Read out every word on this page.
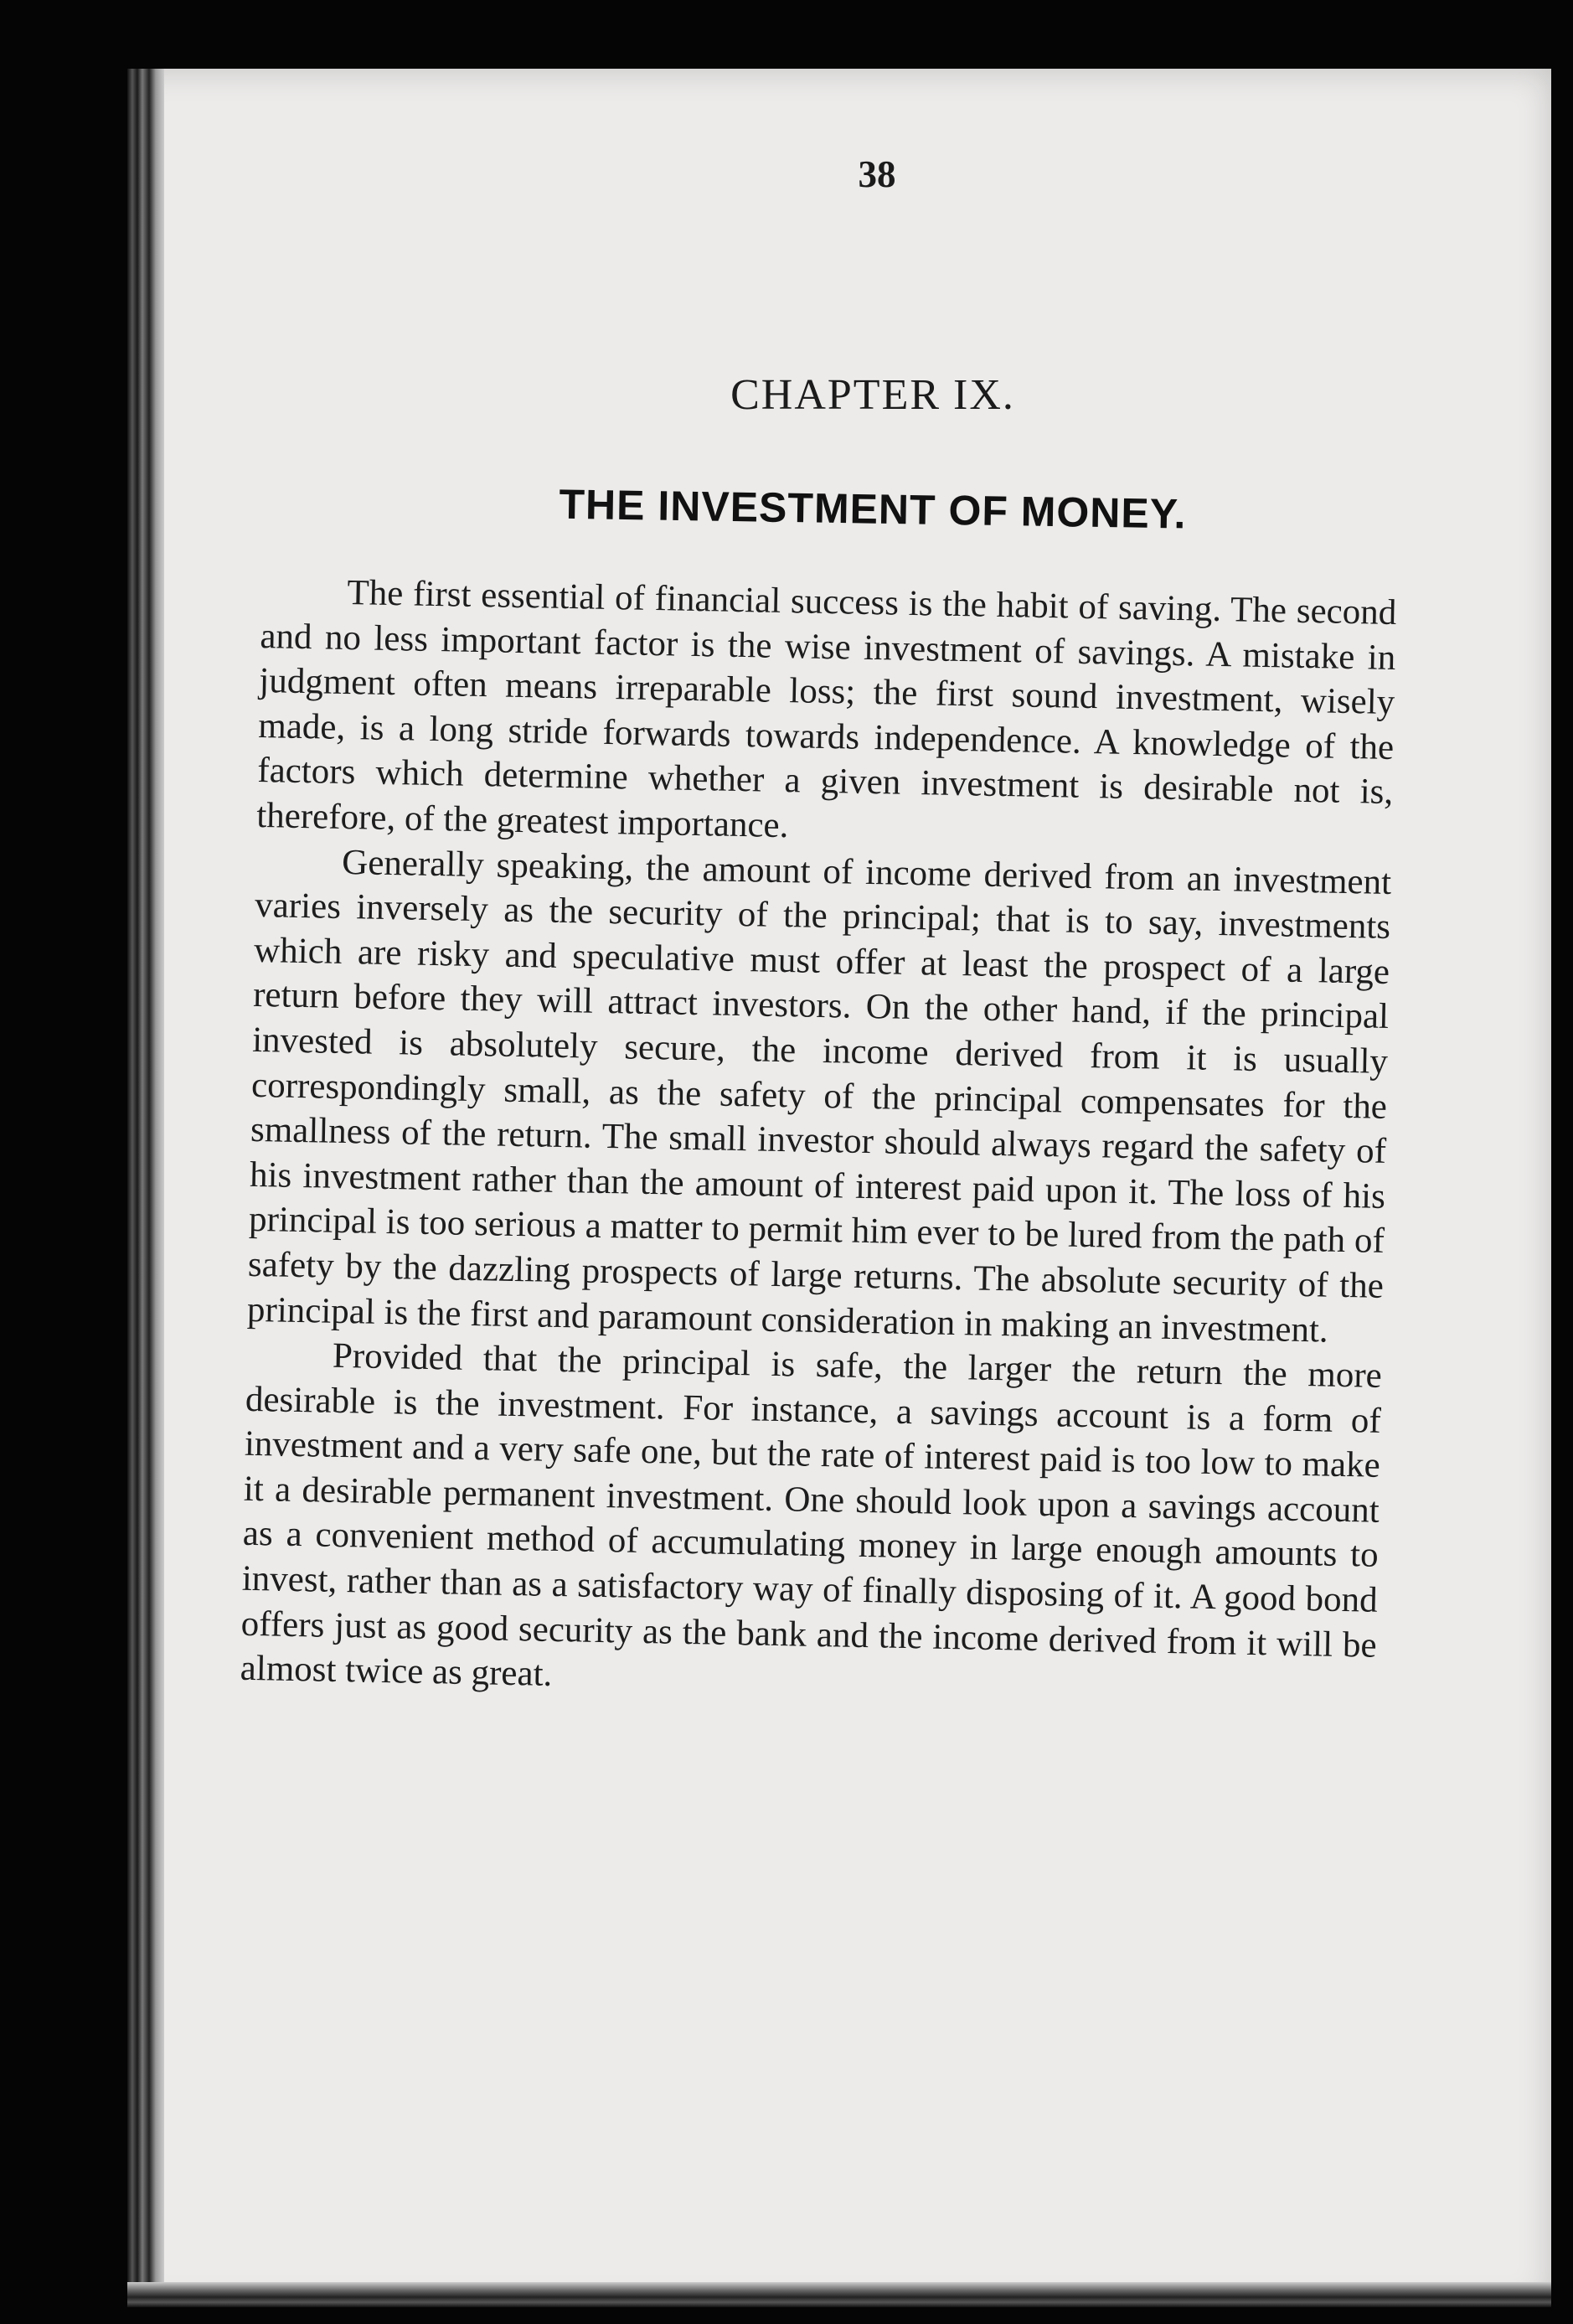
38
CHAPTER IX.
THE INVESTMENT OF MONEY.

The first essential of financial success is the habit of saving. The second and no less important factor is the wise investment of savings. A mistake in judgment often means irreparable loss; the first sound investment, wisely made, is a long stride forwards towards independence. A knowledge of the factors which determine whether a given investment is desirable not is, therefore, of the greatest importance.

Generally speaking, the amount of income derived from an investment varies inversely as the security of the principal; that is to say, investments which are risky and speculative must offer at least the prospect of a large return before they will attract investors. On the other hand, if the principal invested is absolutely secure, the income derived from it is usually correspondingly small, as the safety of the principal compensates for the smallness of the return. The small investor should always regard the safety of his investment rather than the amount of interest paid upon it. The loss of his principal is too serious a matter to permit him ever to be lured from the path of safety by the dazzling prospects of large returns. The absolute security of the principal is the first and paramount consideration in making an investment.

Provided that the principal is safe, the larger the return the more desirable is the investment. For instance, a savings account is a form of investment and a very safe one, but the rate of interest paid is too low to make it a desirable permanent investment. One should look upon a savings account as a convenient method of accumulating money in large enough amounts to invest, rather than as a satisfactory way of finally disposing of it. A good bond offers just as good security as the bank and the income derived from it will be almost twice as great.
